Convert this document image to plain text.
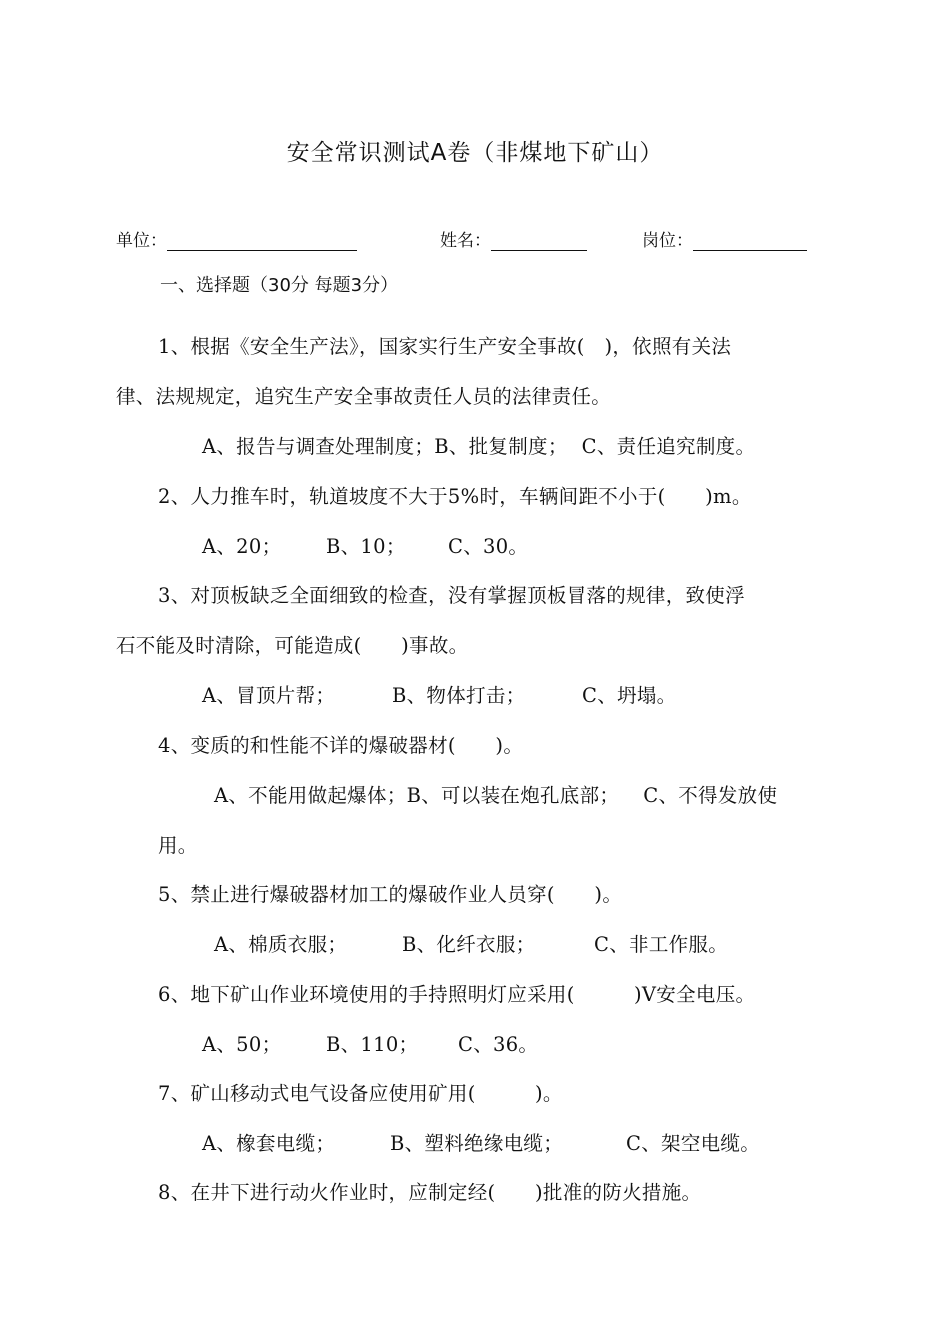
安全常识测试A卷（非煤地下矿山）
单位：	姓名：	岗位：
一、选择题（30分 每题3分）
1、根据《安全生产法》，国家实行生产安全事故(　)，依照有关法
律、法规规定，追究生产安全事故责任人员的法律责任。
A、报告与调查处理制度；B、批复制度； C、责任追究制度。
2、人力推车时，轨道坡度不大于5%时，车辆间距不小于(　　)m。
A、20； B、10； C、30。
3、对顶板缺乏全面细致的检查，没有掌握顶板冒落的规律，致使浮
石不能及时清除，可能造成(　　)事故。
A、冒顶片帮；	B、物体打击；	C、坍塌。
4、变质的和性能不详的爆破器材(　　)。
A、不能用做起爆体；B、可以装在炮孔底部； C、不得发放使
用。
5、禁止进行爆破器材加工的爆破作业人员穿(　　)。
A、棉质衣服；	B、化纤衣服；	C、非工作服。
6、地下矿山作业环境使用的手持照明灯应采用(　　　)V安全电压。
A、50； B、110； C、36。
7、矿山移动式电气设备应使用矿用(　　　)。
A、橡套电缆；	B、塑料绝缘电缆；	C、架空电缆。
8、在井下进行动火作业时，应制定经(　　)批准的防火措施。
